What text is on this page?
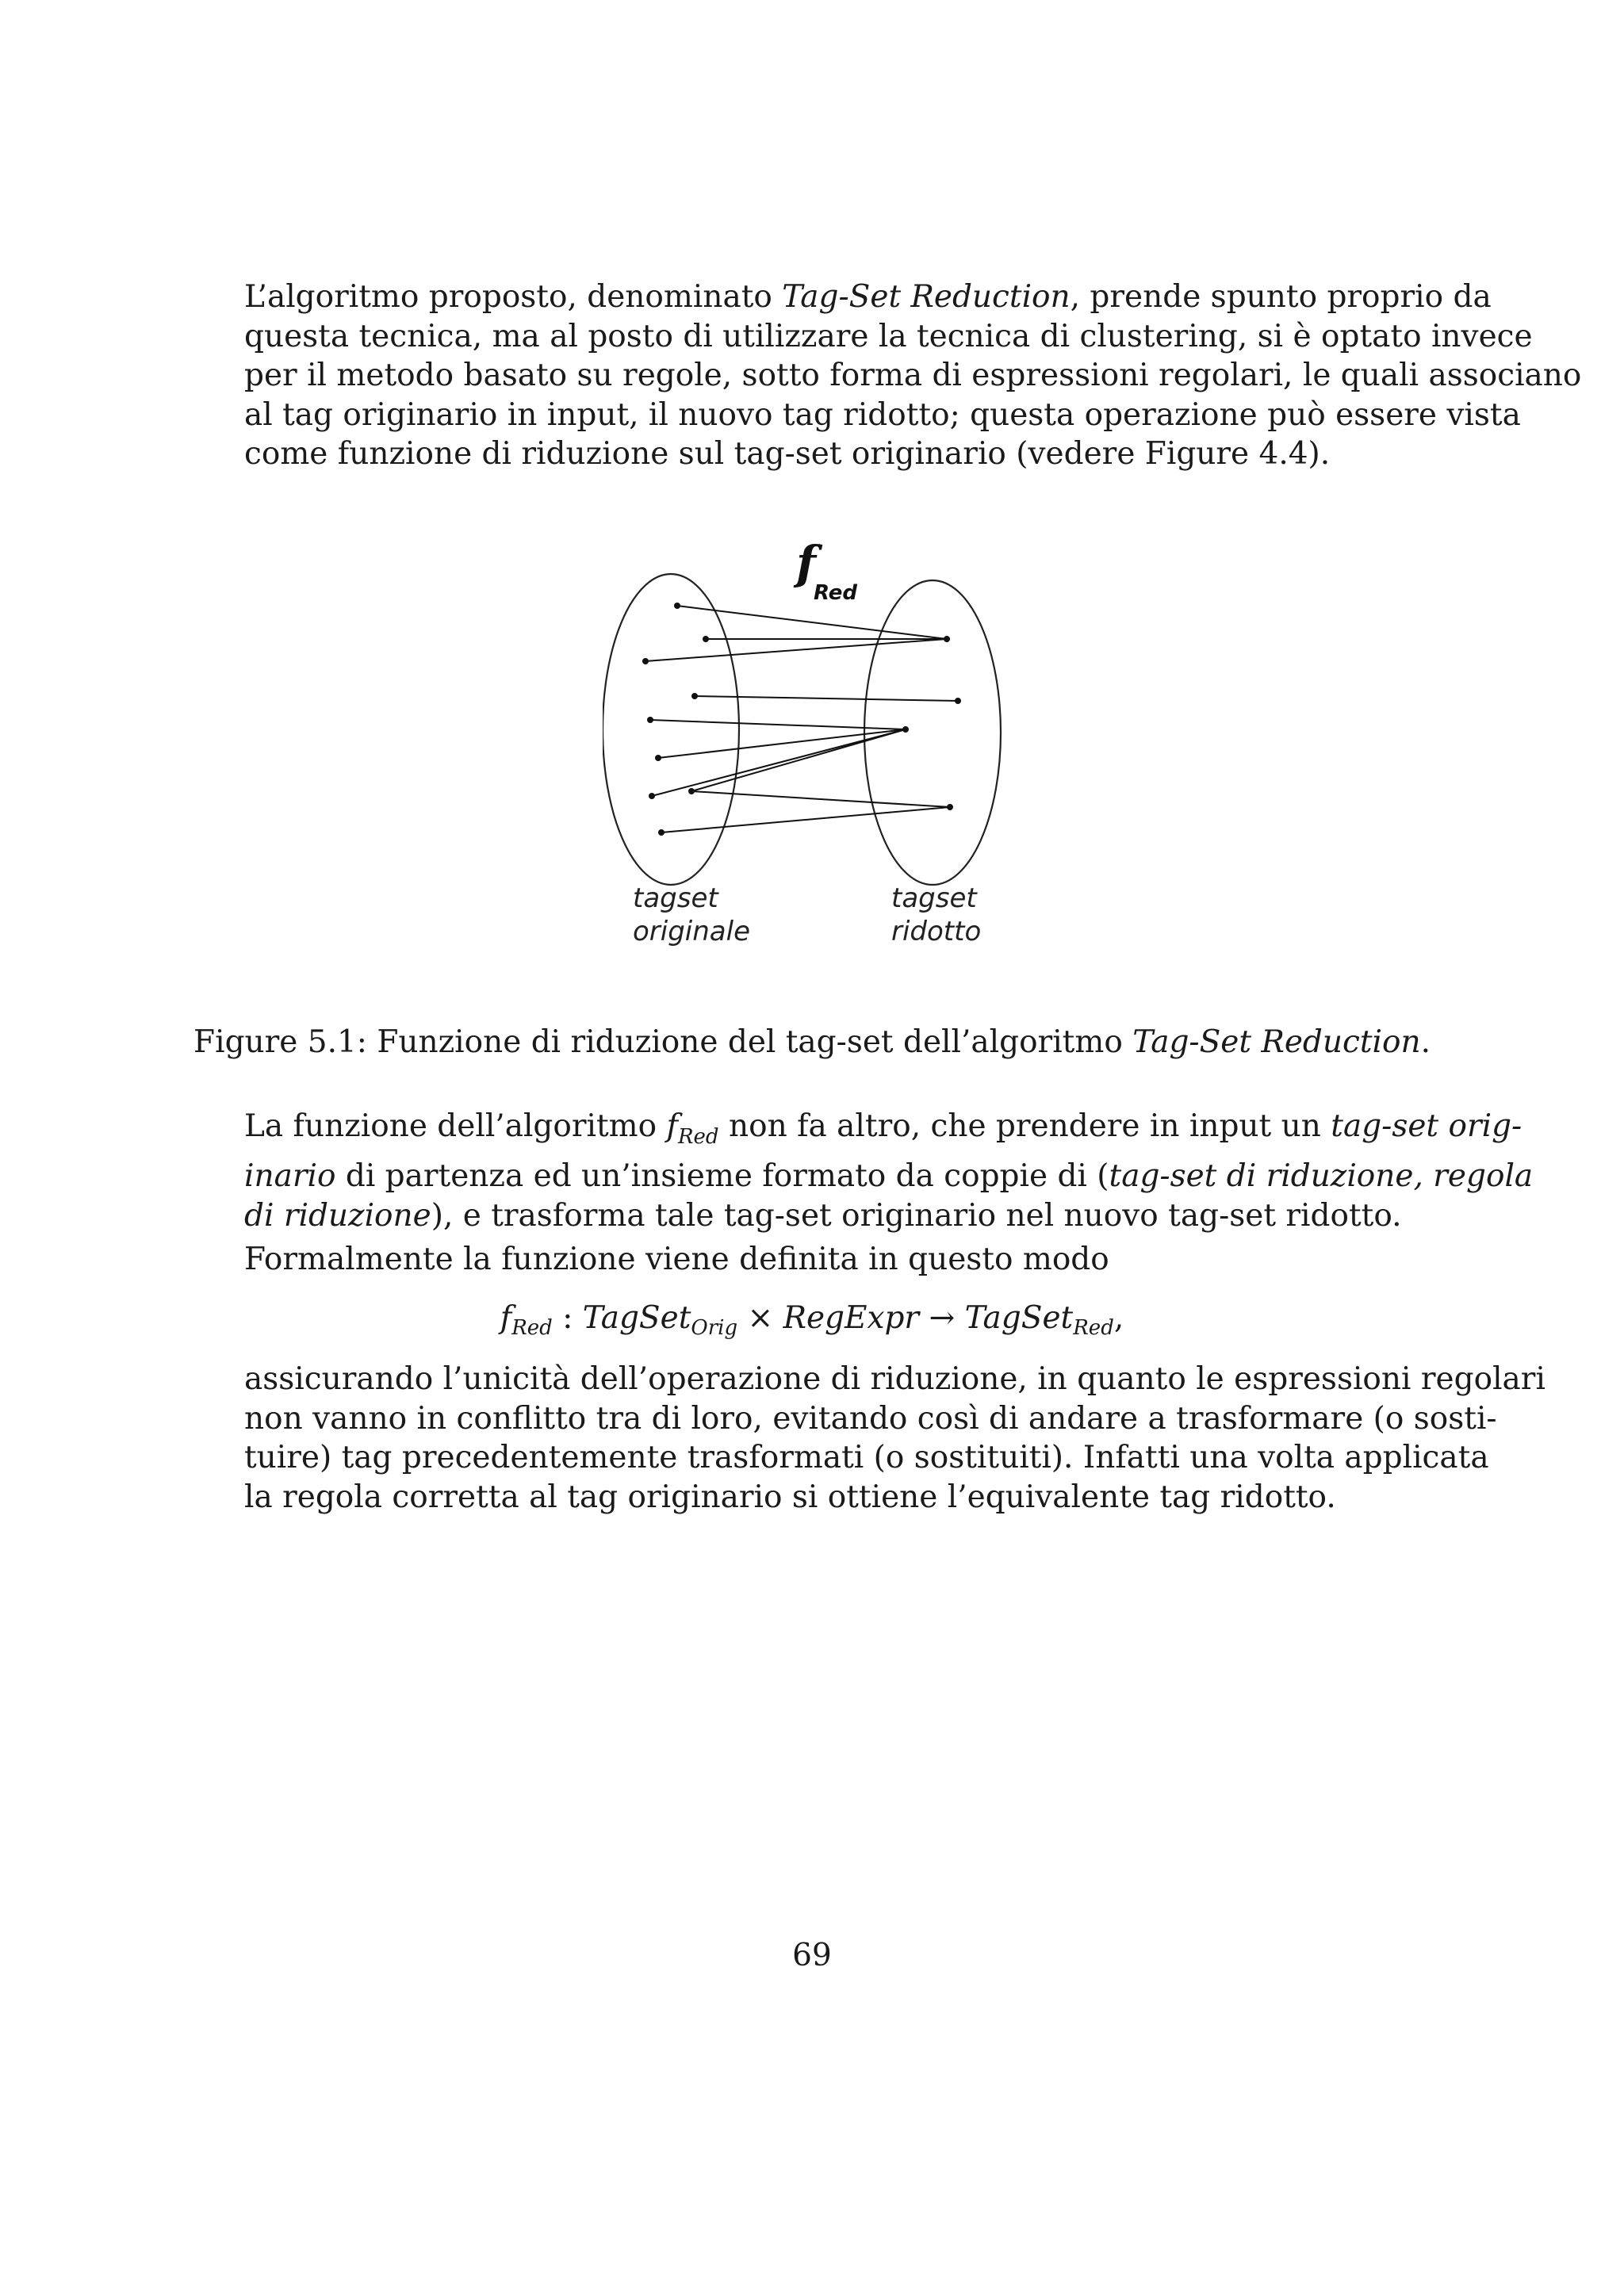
L’algoritmo proposto, denominato Tag-Set Reduction, prende spunto proprio da
questa tecnica, ma al posto di utilizzare la tecnica di clustering, si è optato invece
per il metodo basato su regole, sotto forma di espressioni regolari, le quali associano
al tag originario in input, il nuovo tag ridotto; questa operazione può essere vista
come funzione di riduzione sul tag-set originario (vedere Figure 4.4).

f
Red
tagset
originale
tagset
ridotto
Figure 5.1: Funzione di riduzione del tag-set dell’algoritmo Tag-Set Reduction.

La funzione dell’algoritmo $f_{Red}$ non fa altro, che prendere in input un tag-set orig-
inario di partenza ed un’insieme formato da coppie di (tag-set di riduzione, regola
di riduzione), e trasforma tale tag-set originario nel nuovo tag-set ridotto.

Formalmente la funzione viene definita in questo modo

$f_{Red}$ : TagSet$_{Orig}$ × RegExpr → TagSet$_{Red}$,

assicurando l’unicità dell’operazione di riduzione, in quanto le espressioni regolari
non vanno in conflitto tra di loro, evitando così di andare a trasformare (o sosti-
tuire) tag precedentemente trasformati (o sostituiti). Infatti una volta applicata
la regola corretta al tag originario si ottiene l’equivalente tag ridotto.

69
